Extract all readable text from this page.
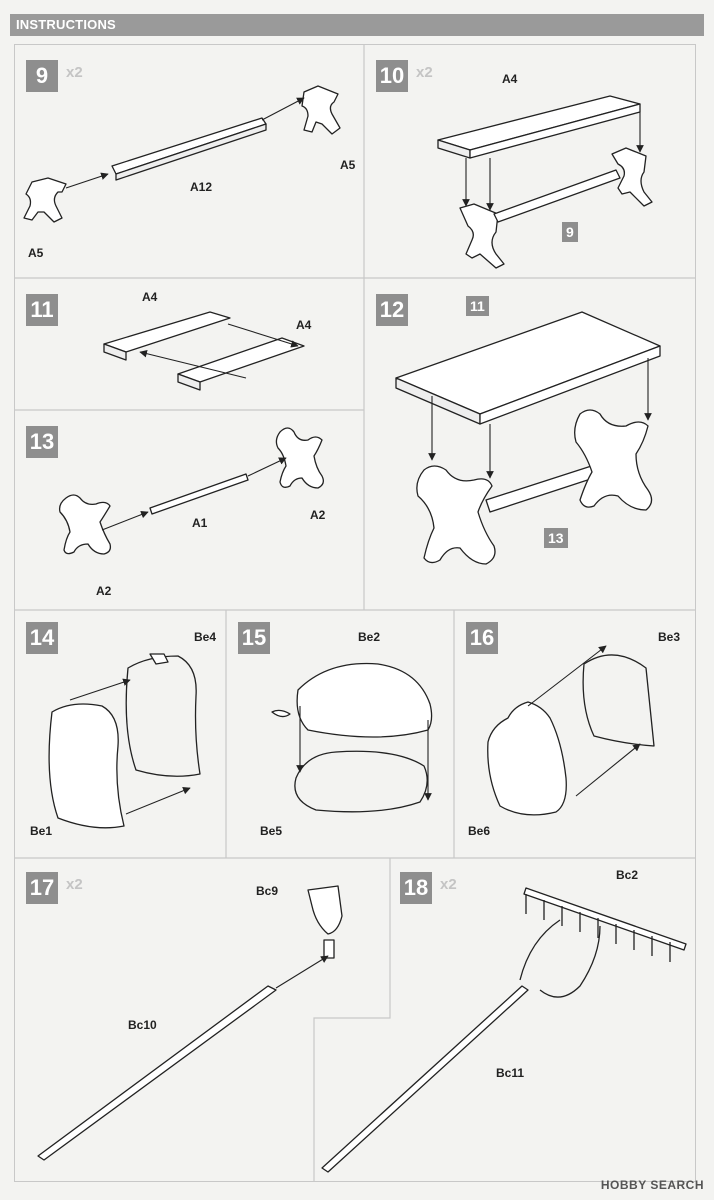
INSTRUCTIONS
9	x2	10 x2
11	12
13
14	15	16
17 x2	18 x2
A5
A12
A5
A4
9
A4
A4
11
13
A2
A1
A2
Be4
Be1
Be2
Be5
Be3
Be6
Bc9
Bc10
Bc2
Bc11
HOBBY SEARCH
